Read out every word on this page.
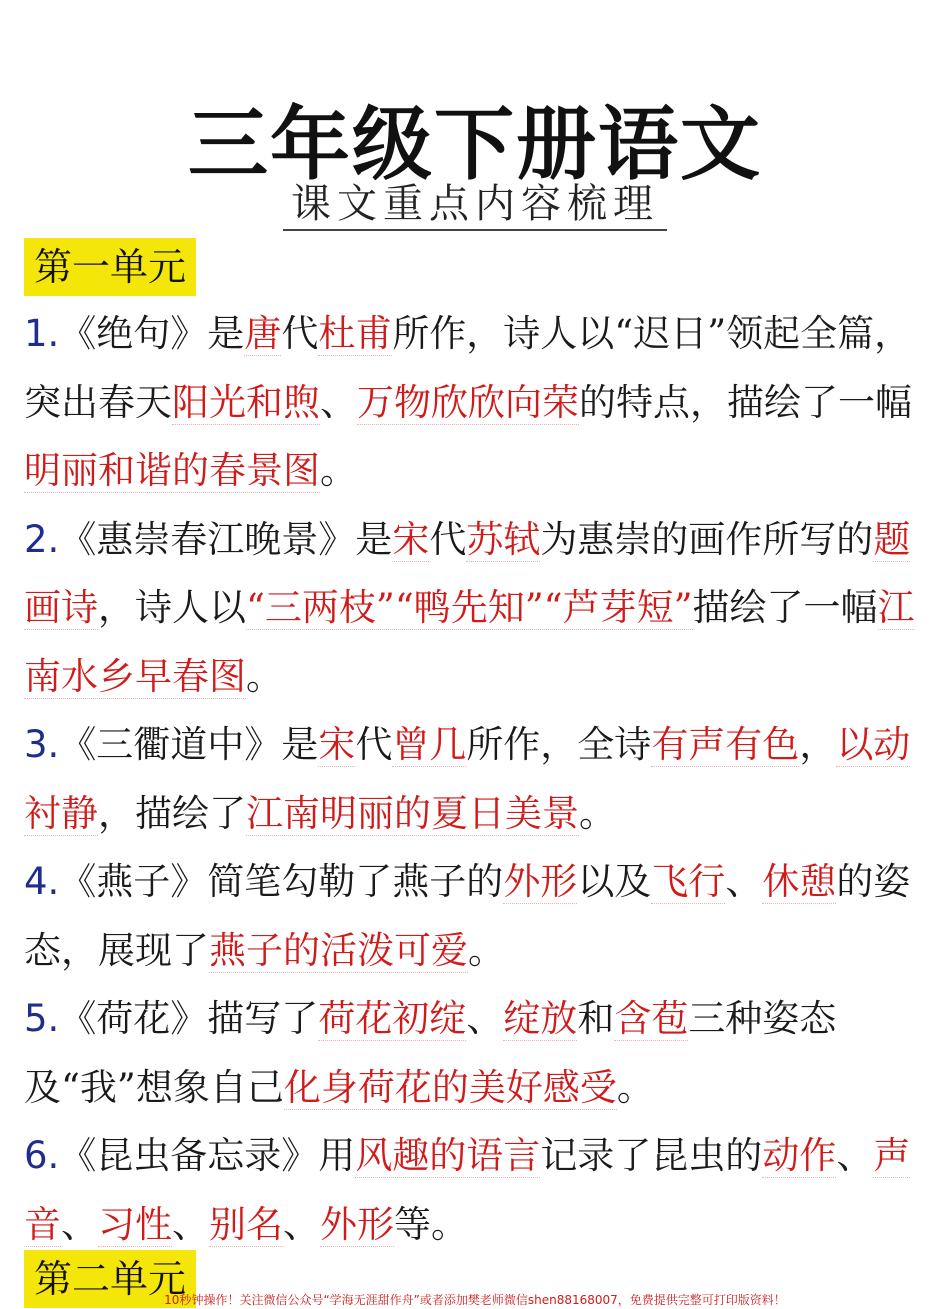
三年级下册语文
课文重点内容梳理
第一单元

1.《绝句》是唐代杜甫所作，诗人以“迟日”领起全篇，突出春天阳光和煦、万物欣欣向荣的特点，描绘了一幅明丽和谐的春景图。

2.《惠崇春江晚景》是宋代苏轼为惠崇的画作所写的题画诗，诗人以“三两枝”“鸭先知”“芦芽短”描绘了一幅江南水乡早春图。

3.《三衢道中》是宋代曾几所作，全诗有声有色，以动衬静，描绘了江南明丽的夏日美景。

4.《燕子》简笔勾勒了燕子的外形以及飞行、休憩的姿态，展现了燕子的活泼可爱。

5.《荷花》描写了荷花初绽、绽放和含苞三种姿态及“我”想象自己化身荷花的美好感受。

6.《昆虫备忘录》用风趣的语言记录了昆虫的动作、声音、习性、别名、外形等。

第二单元
10秒钟操作！关注微信公众号“学海无涯甜作舟”或者添加樊老师微信shen88168007，免费提供完整可打印版资料！
